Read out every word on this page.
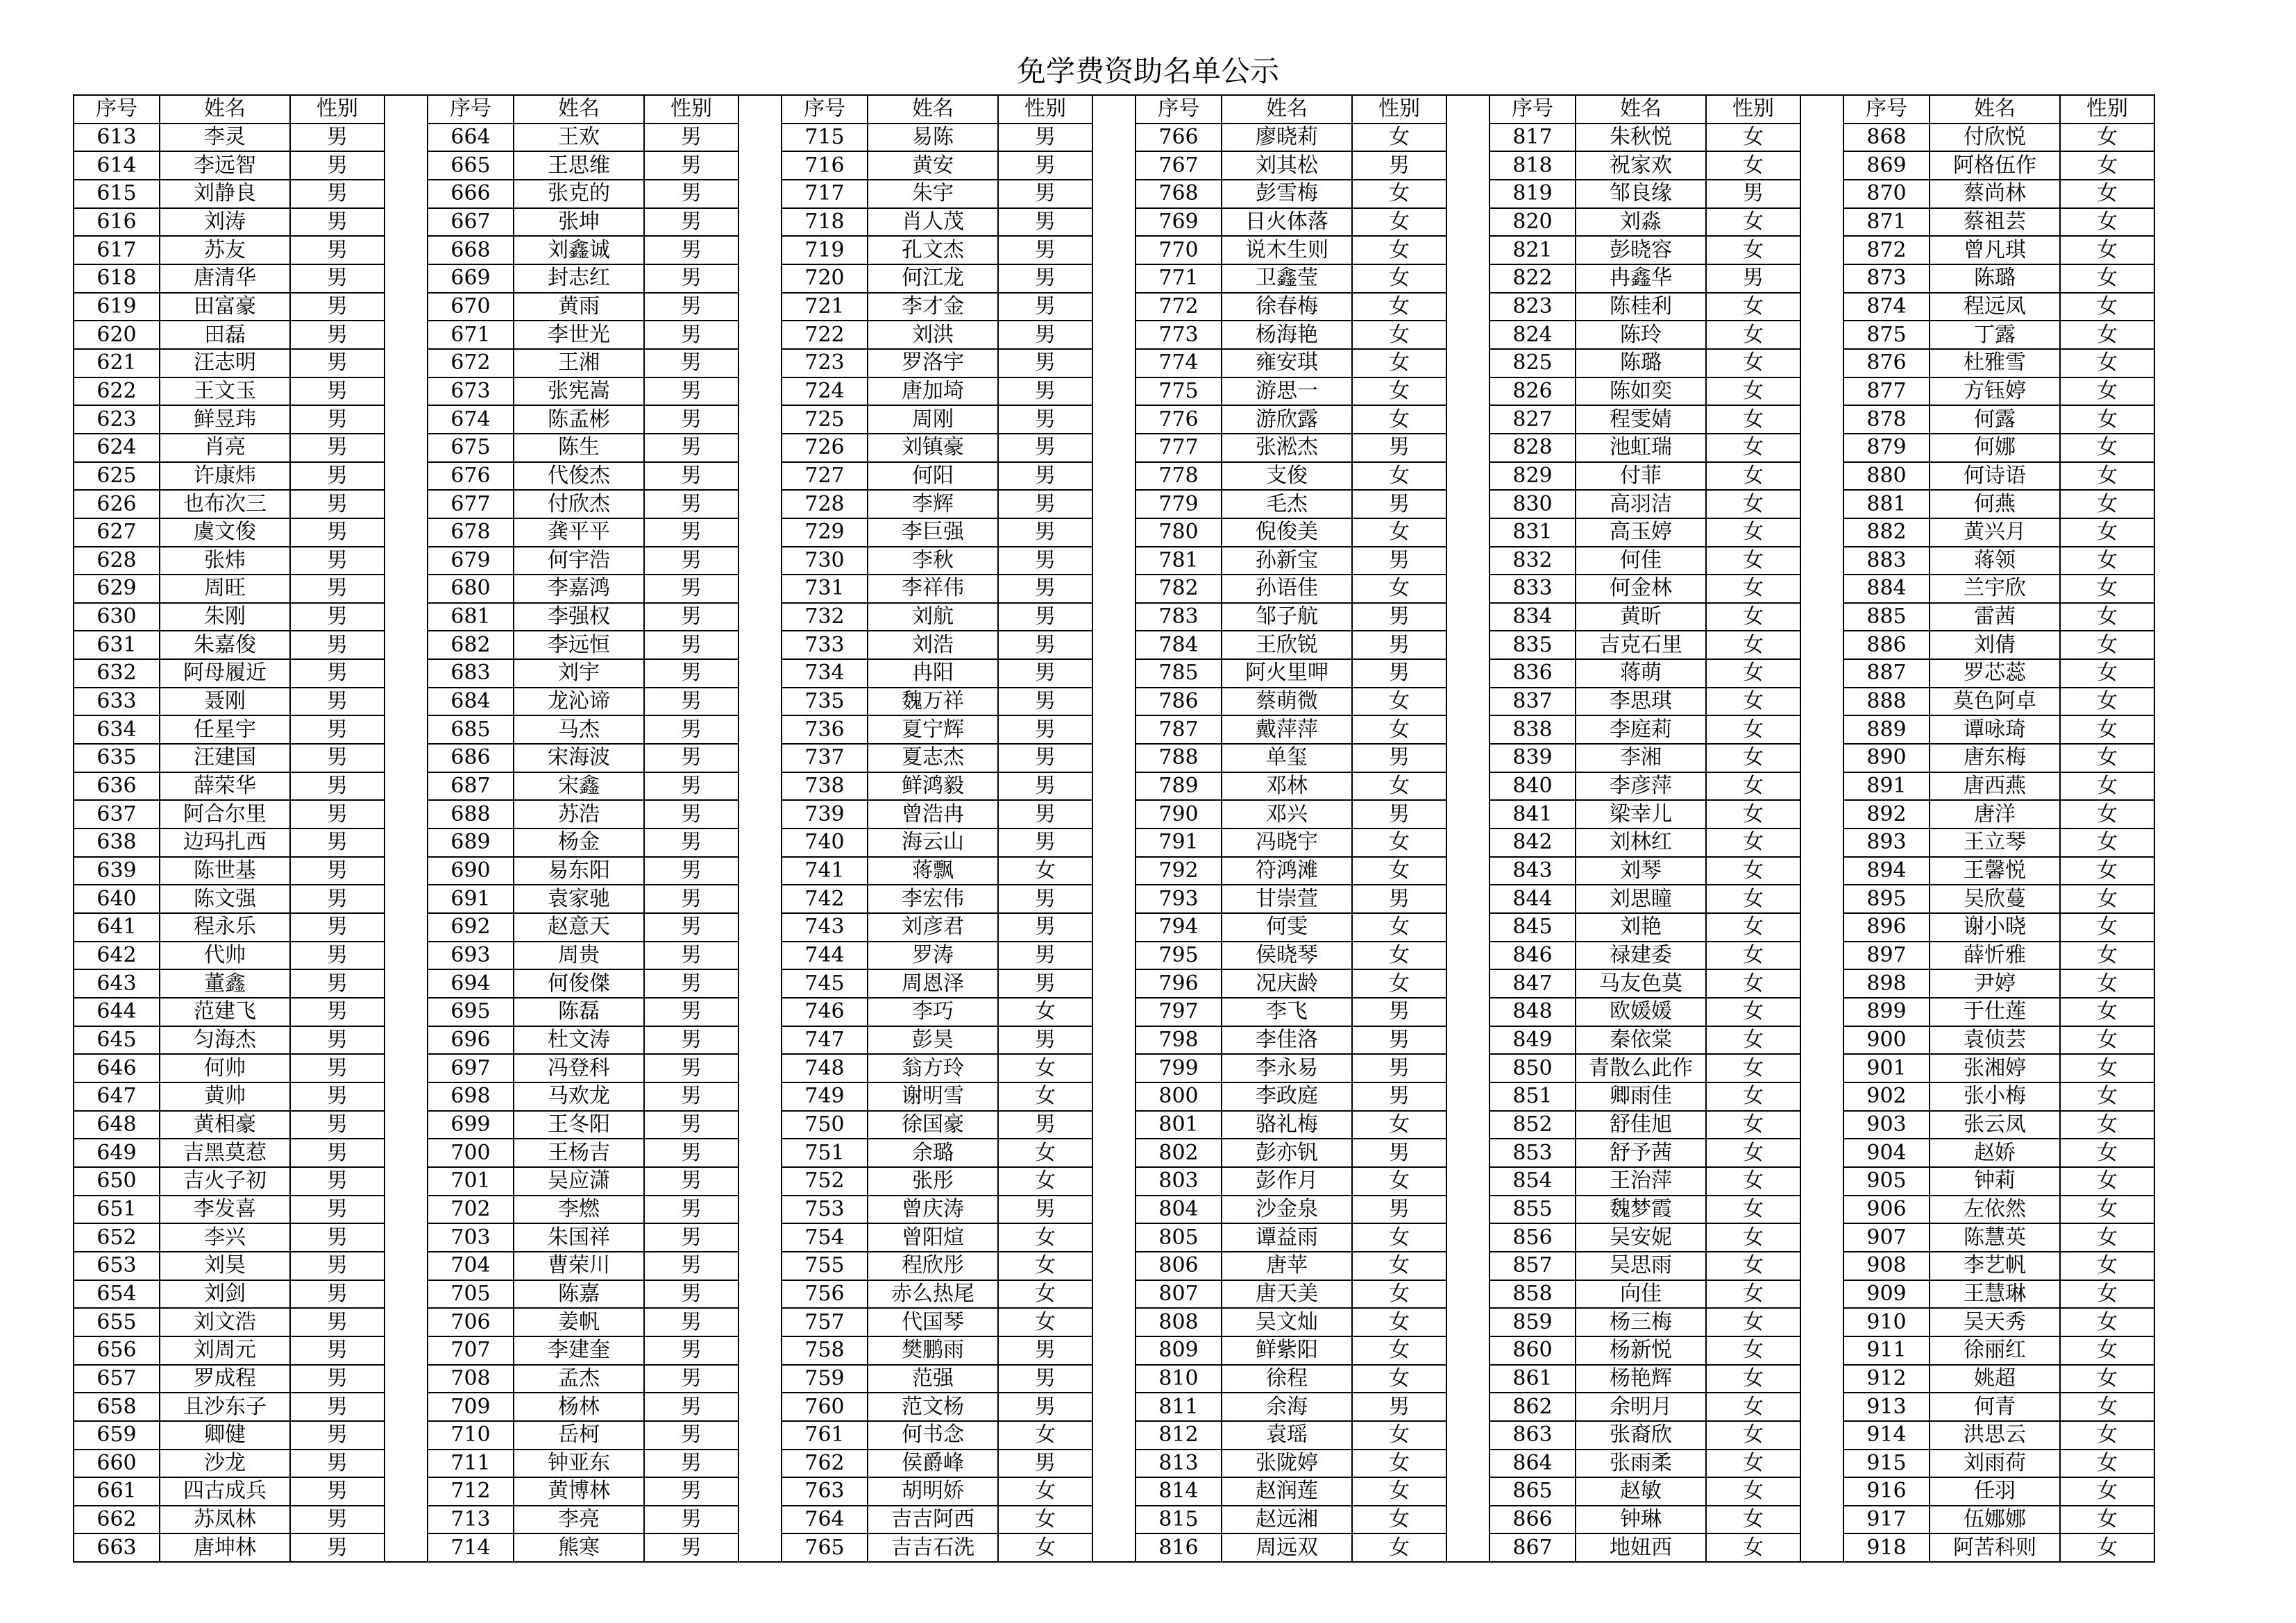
免学费资助名单公示
序号	姓名	性别		序号	姓名	性别		序号	姓名	性别		序号	姓名	性别		序号	姓名	性别		序号	姓名	性别
613	李灵	男		664	王欢	男		715	易陈	男		766	廖晓莉	女		817	朱秋悦	女		868	付欣悦	女
614	李远智	男		665	王思维	男		716	黄安	男		767	刘其松	男		818	祝家欢	女		869	阿格伍作	女
615	刘静良	男		666	张克的	男		717	朱宇	男		768	彭雪梅	女		819	邹良缘	男		870	蔡尚林	女
616	刘涛	男		667	张坤	男		718	肖人茂	男		769	日火体落	女		820	刘淼	女		871	蔡祖芸	女
617	苏友	男		668	刘鑫诚	男		719	孔文杰	男		770	说木生则	女		821	彭晓容	女		872	曾凡琪	女
618	唐清华	男		669	封志红	男		720	何江龙	男		771	卫鑫莹	女		822	冉鑫华	男		873	陈璐	女
619	田富豪	男		670	黄雨	男		721	李才金	男		772	徐春梅	女		823	陈桂利	女		874	程远凤	女
620	田磊	男		671	李世光	男		722	刘洪	男		773	杨海艳	女		824	陈玲	女		875	丁露	女
621	汪志明	男		672	王湘	男		723	罗洛宇	男		774	雍安琪	女		825	陈璐	女		876	杜雅雪	女
622	王文玉	男		673	张宪嵩	男		724	唐加埼	男		775	游思一	女		826	陈如奕	女		877	方钰婷	女
623	鲜昱玮	男		674	陈孟彬	男		725	周刚	男		776	游欣露	女		827	程雯婧	女		878	何露	女
624	肖亮	男		675	陈生	男		726	刘镇豪	男		777	张淞杰	男		828	池虹瑞	女		879	何娜	女
625	许康炜	男		676	代俊杰	男		727	何阳	男		778	支俊	女		829	付菲	女		880	何诗语	女
626	也布次三	男		677	付欣杰	男		728	李辉	男		779	毛杰	男		830	高羽洁	女		881	何燕	女
627	虞文俊	男		678	龚平平	男		729	李巨强	男		780	倪俊美	女		831	高玉婷	女		882	黄兴月	女
628	张炜	男		679	何宇浩	男		730	李秋	男		781	孙新宝	男		832	何佳	女		883	蒋领	女
629	周旺	男		680	李嘉鸿	男		731	李祥伟	男		782	孙语佳	女		833	何金林	女		884	兰宇欣	女
630	朱刚	男		681	李强权	男		732	刘航	男		783	邹子航	男		834	黄昕	女		885	雷茜	女
631	朱嘉俊	男		682	李远恒	男		733	刘浩	男		784	王欣锐	男		835	吉克石里	女		886	刘倩	女
632	阿母履近	男		683	刘宇	男		734	冉阳	男		785	阿火里呷	男		836	蒋萌	女		887	罗芯蕊	女
633	聂刚	男		684	龙沁谛	男		735	魏万祥	男		786	蔡萌微	女		837	李思琪	女		888	莫色阿卓	女
634	任星宇	男		685	马杰	男		736	夏宁辉	男		787	戴萍萍	女		838	李庭莉	女		889	谭咏琦	女
635	汪建国	男		686	宋海波	男		737	夏志杰	男		788	单玺	男		839	李湘	女		890	唐东梅	女
636	薛荣华	男		687	宋鑫	男		738	鲜鸿毅	男		789	邓林	女		840	李彦萍	女		891	唐西燕	女
637	阿合尔里	男		688	苏浩	男		739	曾浩冉	男		790	邓兴	男		841	梁幸儿	女		892	唐洋	女
638	边玛扎西	男		689	杨金	男		740	海云山	男		791	冯晓宇	女		842	刘林红	女		893	王立琴	女
639	陈世基	男		690	易东阳	男		741	蒋飘	女		792	符鸿滩	女		843	刘琴	女		894	王馨悦	女
640	陈文强	男		691	袁家驰	男		742	李宏伟	男		793	甘崇萱	男		844	刘思瞳	女		895	吴欣蔓	女
641	程永乐	男		692	赵意天	男		743	刘彦君	男		794	何雯	女		845	刘艳	女		896	谢小晓	女
642	代帅	男		693	周贵	男		744	罗涛	男		795	侯晓琴	女		846	禄建委	女		897	薛忻雅	女
643	董鑫	男		694	何俊傑	男		745	周恩泽	男		796	况庆龄	女		847	马友色莫	女		898	尹婷	女
644	范建飞	男		695	陈磊	男		746	李巧	女		797	李飞	男		848	欧媛媛	女		899	于仕莲	女
645	匀海杰	男		696	杜文涛	男		747	彭昊	男		798	李佳洛	男		849	秦依棠	女		900	袁侦芸	女
646	何帅	男		697	冯登科	男		748	翁方玲	女		799	李永易	男		850	青散么此作	女		901	张湘婷	女
647	黄帅	男		698	马欢龙	男		749	谢明雪	女		800	李政庭	男		851	卿雨佳	女		902	张小梅	女
648	黄相豪	男		699	王冬阳	男		750	徐国豪	男		801	骆礼梅	女		852	舒佳旭	女		903	张云凤	女
649	吉黑莫惹	男		700	王杨吉	男		751	余璐	女		802	彭亦钒	男		853	舒予茜	女		904	赵娇	女
650	吉火子初	男		701	吴应潇	男		752	张彤	女		803	彭作月	女		854	王治萍	女		905	钟莉	女
651	李发喜	男		702	李燃	男		753	曾庆涛	男		804	沙金泉	男		855	魏梦霞	女		906	左依然	女
652	李兴	男		703	朱国祥	男		754	曾阳煊	女		805	谭益雨	女		856	吴安妮	女		907	陈慧英	女
653	刘昊	男		704	曹荣川	男		755	程欣彤	女		806	唐苹	女		857	吴思雨	女		908	李艺帆	女
654	刘剑	男		705	陈嘉	男		756	赤么热尾	女		807	唐天美	女		858	向佳	女		909	王慧琳	女
655	刘文浩	男		706	姜帆	男		757	代国琴	女		808	吴文灿	女		859	杨三梅	女		910	吴天秀	女
656	刘周元	男		707	李建奎	男		758	樊鹏雨	男		809	鲜紫阳	女		860	杨新悦	女		911	徐丽红	女
657	罗成程	男		708	孟杰	男		759	范强	男		810	徐程	女		861	杨艳辉	女		912	姚超	女
658	且沙东子	男		709	杨林	男		760	范文杨	男		811	余海	男		862	余明月	女		913	何青	女
659	卿健	男		710	岳柯	男		761	何书念	女		812	袁瑶	女		863	张裔欣	女		914	洪思云	女
660	沙龙	男		711	钟亚东	男		762	侯爵峰	男		813	张陇婷	女		864	张雨柔	女		915	刘雨荷	女
661	四古成兵	男		712	黄博林	男		763	胡明娇	女		814	赵润莲	女		865	赵敏	女		916	任羽	女
662	苏凤林	男		713	李亮	男		764	吉吉阿西	女		815	赵远湘	女		866	钟琳	女		917	伍娜娜	女
663	唐坤林	男		714	熊寒	男		765	吉吉石洗	女		816	周远双	女		867	地妞西	女		918	阿苦科则	女
